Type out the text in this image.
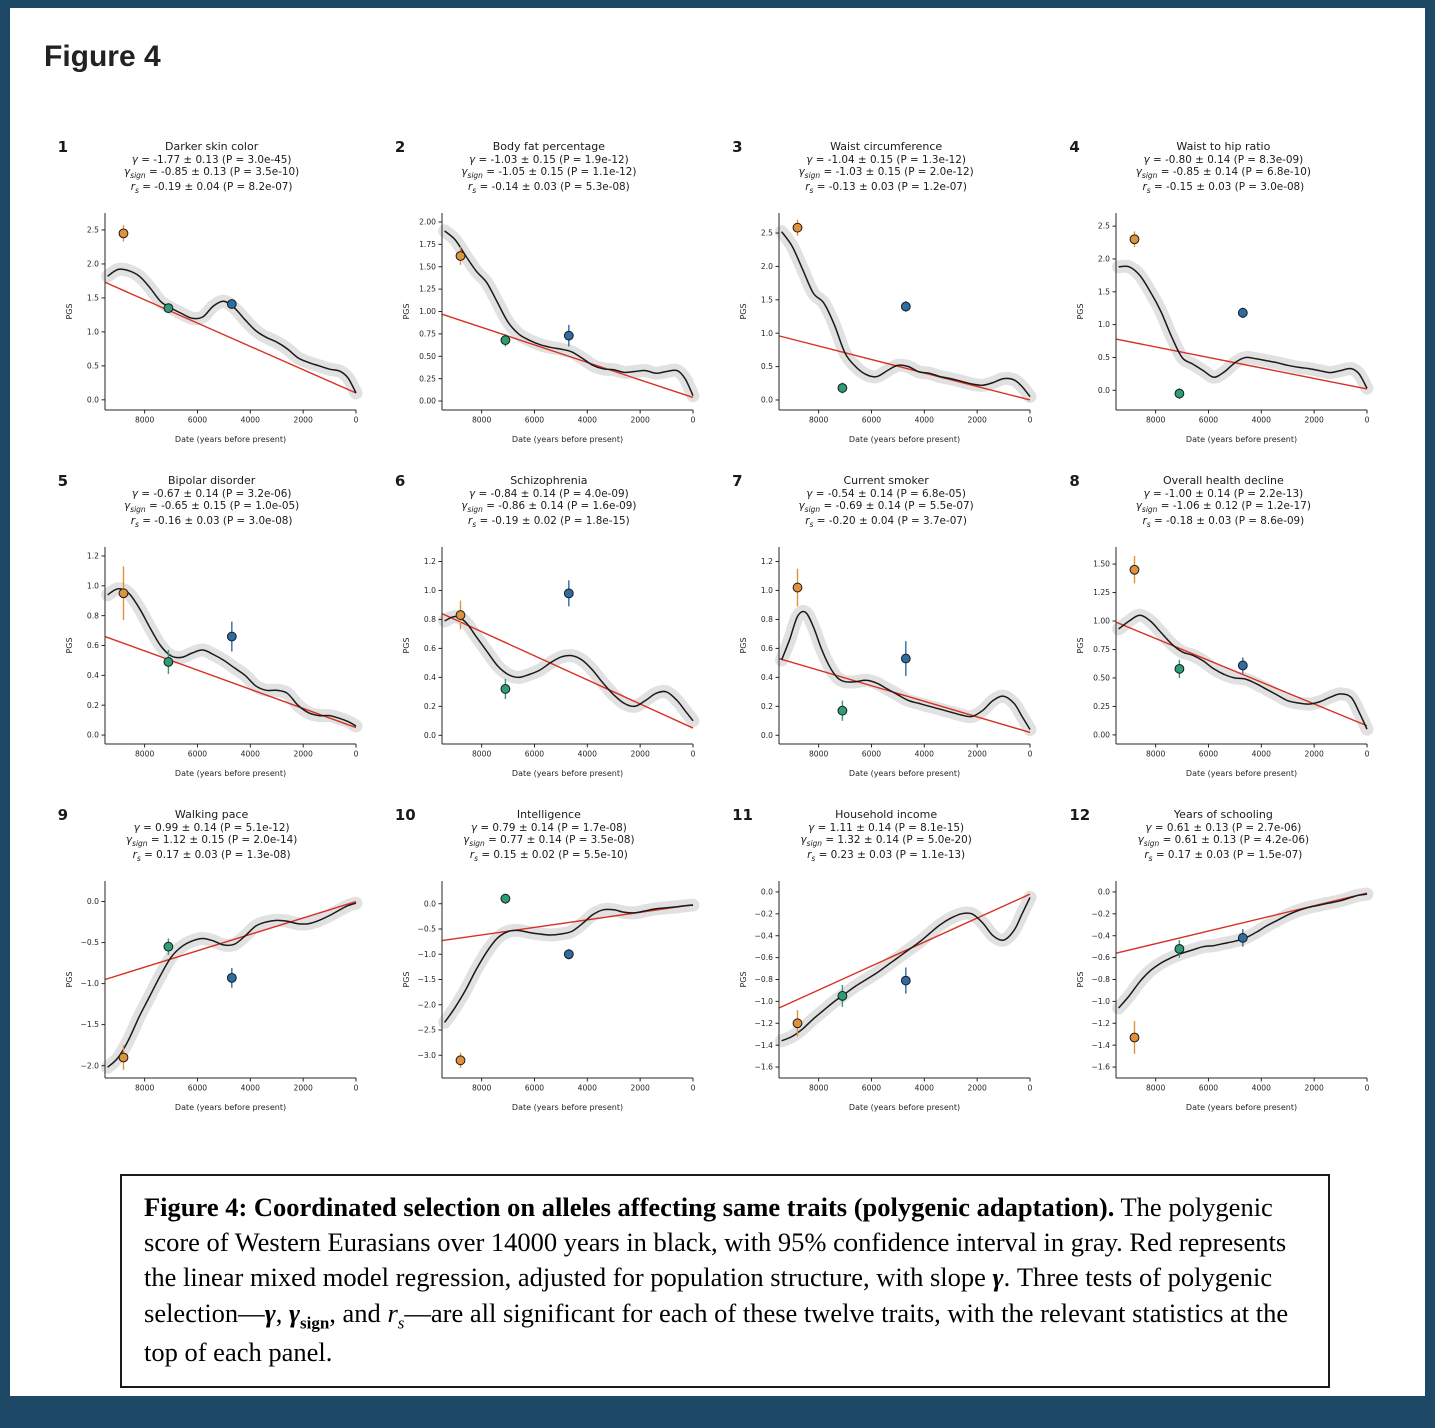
Figure 4
1	Darker skin color
γ = -1.77 ± 0.13 (P = 3.0e-45)
$\gamma_{sign} = -0.85 \pm 0.13$ (P = 3.5e-10)
$r_s = -0.19 \pm 0.04$ (P = 8.2e-07)
0.0
0.5
1.0
1.5
2.0
2.5
8000	6000	4000	2000	0
Date (years before present)
PGS
2	Body fat percentage
γ = -1.03 ± 0.15 (P = 1.9e-12)
$\gamma_{sign} = -1.05 \pm 0.15$ (P = 1.1e-12)
$r_s = -0.14 \pm 0.03$ (P = 5.3e-08)
0.00
0.25
0.50
0.75
1.00
1.25
1.50
1.75
2.00
8000	6000	4000	2000	0
Date (years before present)
PGS
3	Waist circumference
γ = -1.04 ± 0.15 (P = 1.3e-12)
$\gamma_{sign} = -1.03 \pm 0.15$ (P = 2.0e-12)
$r_s = -0.13 \pm 0.03$ (P = 1.2e-07)
0.0
0.5
1.0
1.5
2.0
2.5
8000	6000	4000	2000	0
Date (years before present)
PGS
4	Waist to hip ratio
γ = -0.80 ± 0.14 (P = 8.3e-09)
$\gamma_{sign} = -0.85 \pm 0.14$ (P = 6.8e-10)
$r_s = -0.15 \pm 0.03$ (P = 3.0e-08)
0.0
0.5
1.0
1.5
2.0
2.5
8000	6000	4000	2000	0
Date (years before present)
PGS
5	Bipolar disorder
γ = -0.67 ± 0.14 (P = 3.2e-06)
$\gamma_{sign} = -0.65 \pm 0.15$ (P = 1.0e-05)
$r_s = -0.16 \pm 0.03$ (P = 3.0e-08)
0.0
0.2
0.4
0.6
0.8
1.0
1.2
8000	6000	4000	2000	0
Date (years before present)
PGS
6	Schizophrenia
γ = -0.84 ± 0.14 (P = 4.0e-09)
$\gamma_{sign} = -0.86 \pm 0.14$ (P = 1.6e-09)
$r_s = -0.19 \pm 0.02$ (P = 1.8e-15)
0.0
0.2
0.4
0.6
0.8
1.0
1.2
8000	6000	4000	2000	0
Date (years before present)
PGS
7	Current smoker
γ = -0.54 ± 0.14 (P = 6.8e-05)
$\gamma_{sign} = -0.69 \pm 0.14$ (P = 5.5e-07)
$r_s = -0.20 \pm 0.04$ (P = 3.7e-07)
0.0
0.2
0.4
0.6
0.8
1.0
1.2
8000	6000	4000	2000	0
Date (years before present)
PGS
8	Overall health decline
γ = -1.00 ± 0.14 (P = 2.2e-13)
$\gamma_{sign} = -1.06 \pm 0.12$ (P = 1.2e-17)
$r_s = -0.18 \pm 0.03$ (P = 8.6e-09)
0.00
0.25
0.50
0.75
1.00
1.25
1.50
8000	6000	4000	2000	0
Date (years before present)
PGS
9	Walking pace
γ = 0.99 ± 0.14 (P = 5.1e-12)
$\gamma_{sign} = 1.12 \pm 0.15$ (P = 2.0e-14)
$r_s = 0.17 \pm 0.03$ (P = 1.3e-08)
0.0
−0.5
−1.0
−1.5
−2.0
8000	6000	4000	2000	0
Date (years before present)
PGS
10	Intelligence
γ = 0.79 ± 0.14 (P = 1.7e-08)
$\gamma_{sign} = 0.77 \pm 0.14$ (P = 3.5e-08)
$r_s = 0.15 \pm 0.02$ (P = 5.5e-10)
0.0
−0.5
−1.0
−1.5
−2.0
−2.5
−3.0
8000	6000	4000	2000	0
Date (years before present)
PGS
11	Household income
γ = 1.11 ± 0.14 (P = 8.1e-15)
$\gamma_{sign} = 1.32 \pm 0.14$ (P = 5.0e-20)
$r_s = 0.23 \pm 0.03$ (P = 1.1e-13)
0.0
−0.2
−0.4
−0.6
−0.8
−1.0
−1.2
−1.4
−1.6
8000	6000	4000	2000	0
Date (years before present)
PGS
12	Years of schooling
γ = 0.61 ± 0.13 (P = 2.7e-06)
$\gamma_{sign} = 0.61 \pm 0.13$ (P = 4.2e-06)
$r_s = 0.17 \pm 0.03$ (P = 1.5e-07)
0.0
−0.2
−0.4
−0.6
−0.8
−1.0
−1.2
−1.4
−1.6
8000	6000	4000	2000	0
Date (years before present)
PGS
Figure 4: Coordinated selection on alleles affecting same traits (polygenic adaptation). The polygenic score of Western Eurasians over 14000 years in black, with 95% confidence interval in gray. Red represents the linear mixed model regression, adjusted for population structure, with slope γ. Three tests of polygenic selection—γ, $\gamma_{sign}$, and $r_s—are$ all significant for each of these twelve traits, with the relevant statistics at the top of each panel.
